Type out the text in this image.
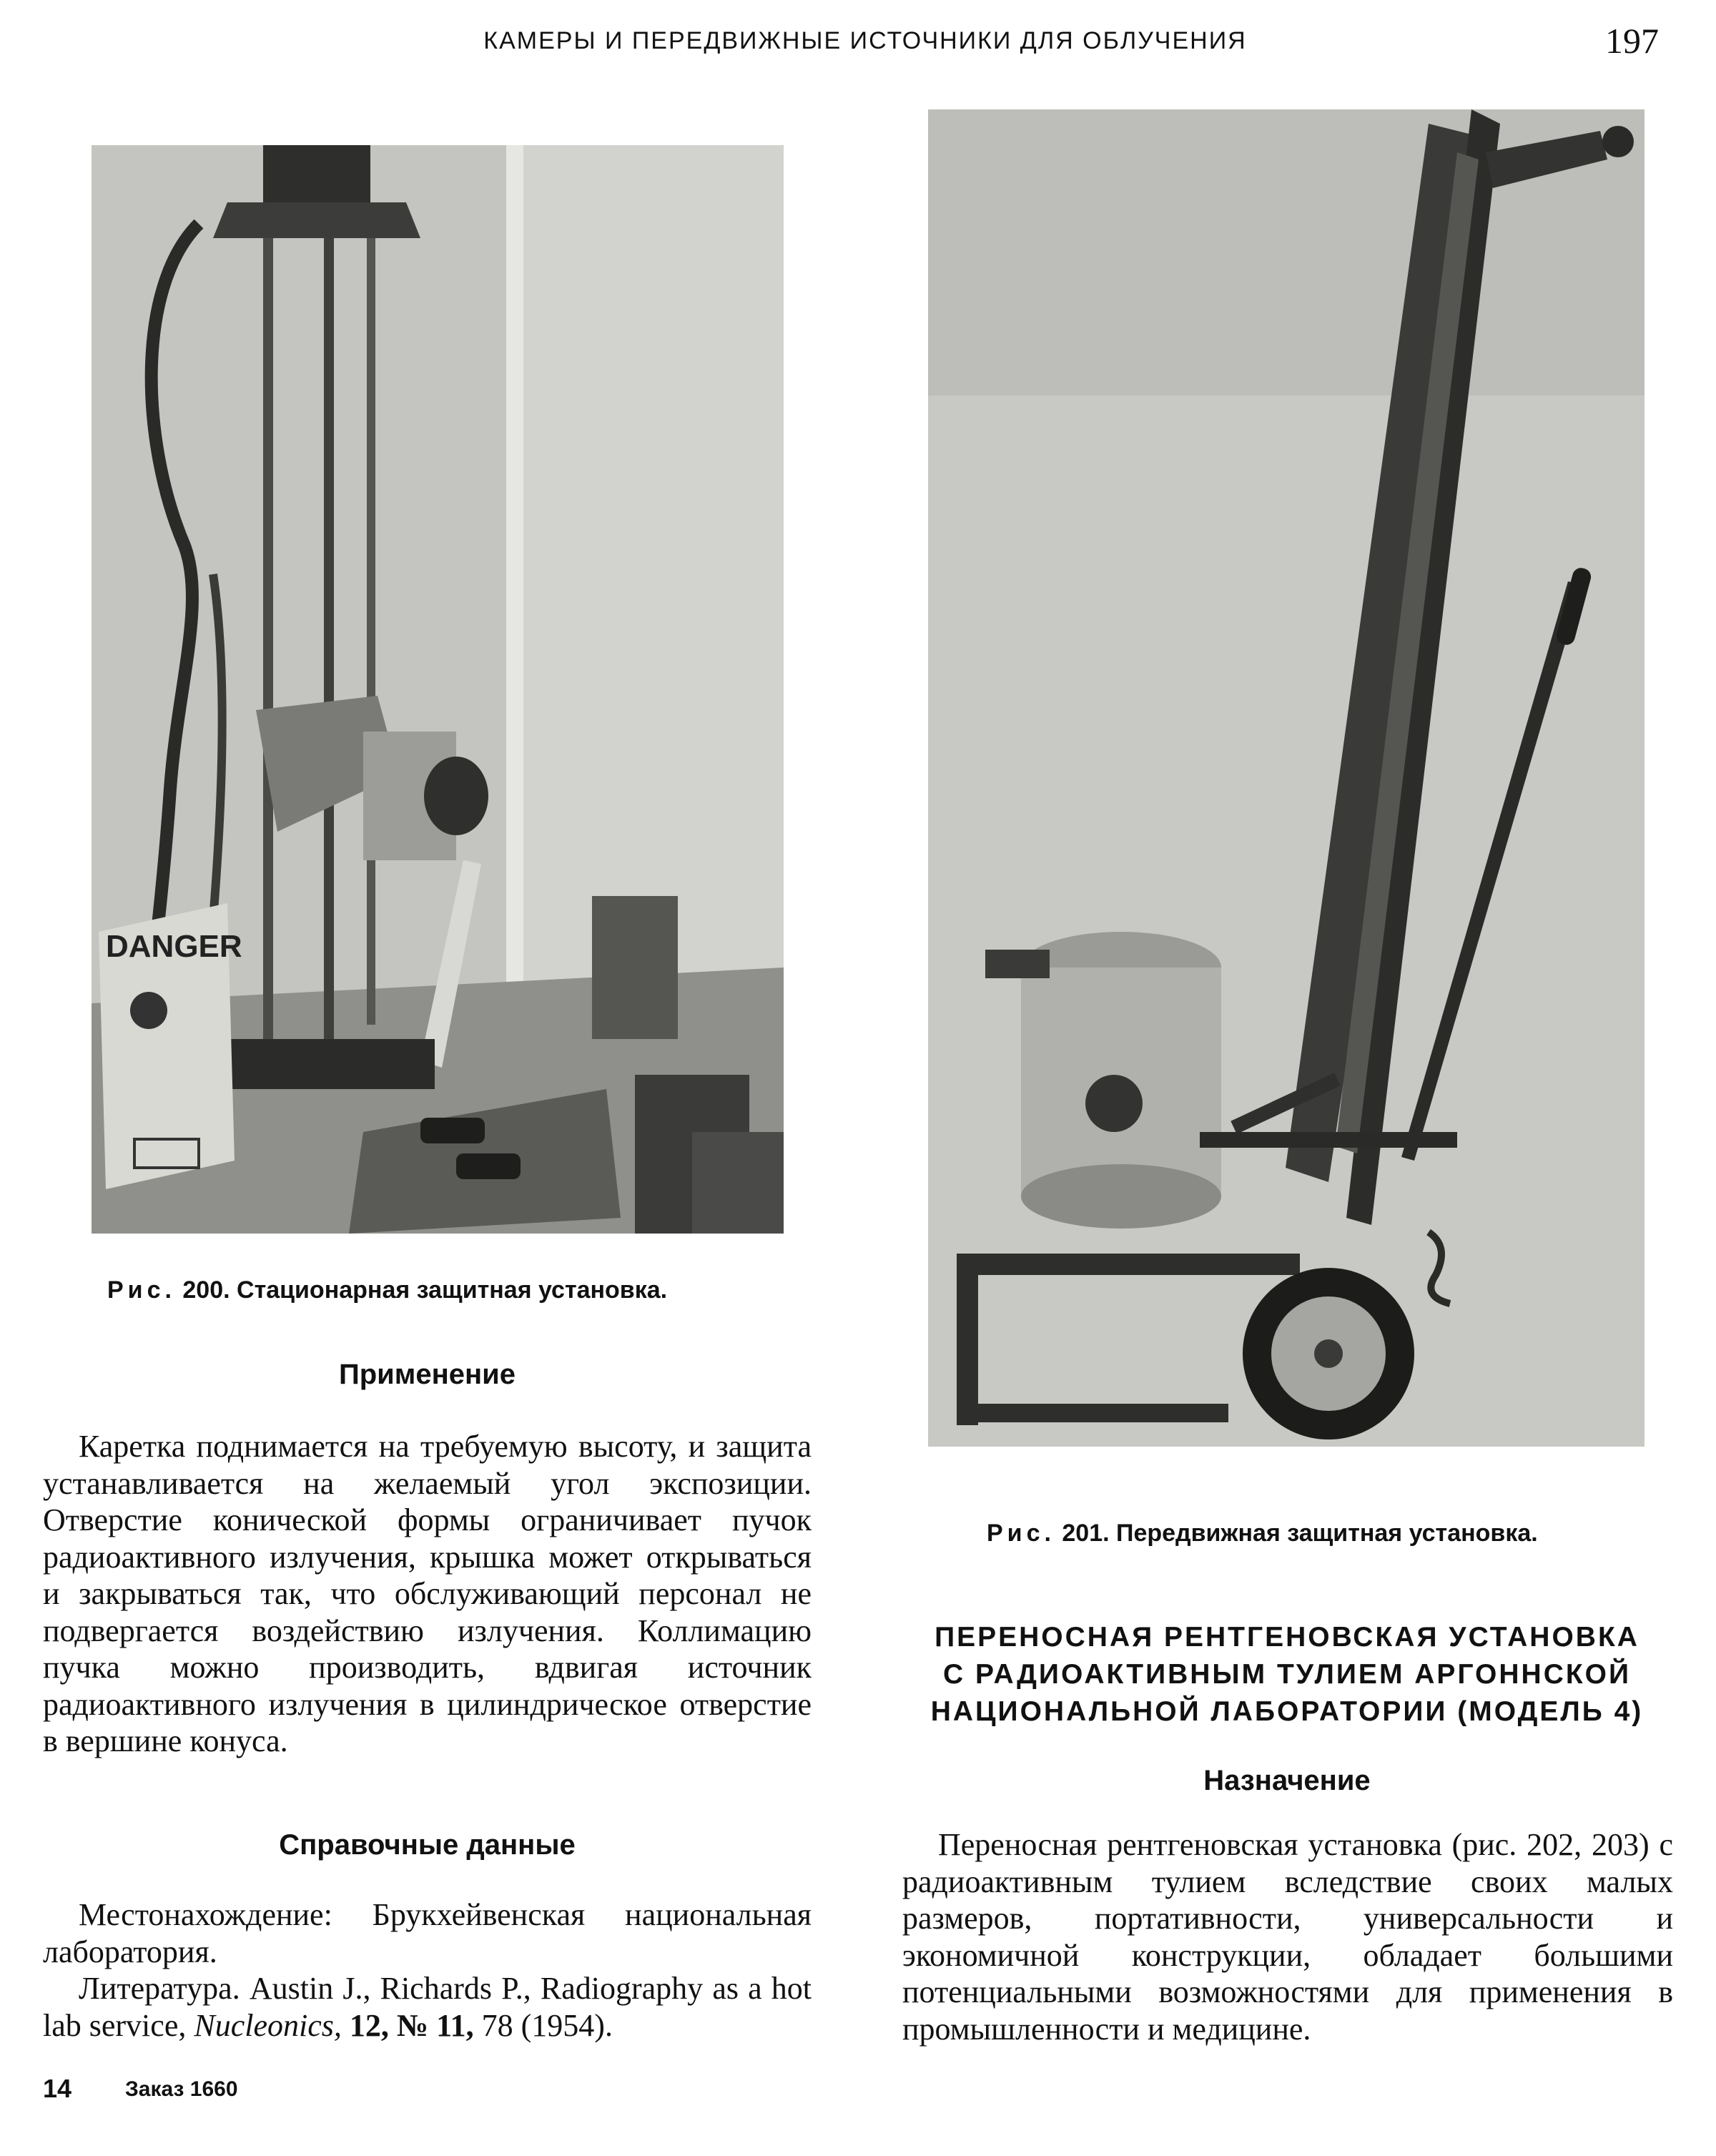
КАМЕРЫ И ПЕРЕДВИЖНЫЕ ИСТОЧНИКИ ДЛЯ ОБЛУЧЕНИЯ	197
DANGER
Рис. 200. Стационарная защитная установка.
Рис. 201. Передвижная защитная установка.
Применение

Каретка поднимается на требуемую высоту, и защита устанавливается на желаемый угол экспозиции. Отверстие конической формы ограничивает пучок радиоактивного излучения, крышка может открываться и закрываться так, что обслуживающий персонал не подвергается воздействию излучения. Коллимацию пучка можно производить, вдвигая источник радиоактивного излучения в цилиндрическое отверстие в вершине конуса.

Справочные данные

Местонахождение: Брукхейвенская национальная лаборатория.

Литература. Austin J., Richards P., Radiography as a hot lab service, Nucleonics, 12, № 11, 78 (1954).

ПЕРЕНОСНАЯ РЕНТГЕНОВСКАЯ УСТАНОВКА
С РАДИОАКТИВНЫМ ТУЛИЕМ АРГОННСКОЙ
НАЦИОНАЛЬНОЙ ЛАБОРАТОРИИ (МОДЕЛЬ 4)
Назначение

Переносная рентгеновская установка (рис. 202, 203) с радиоактивным тулием вследствие своих малых размеров, портативности, универсальности и экономичной конструкции, обладает большими потенциальными возможностями для применения в промышленности и медицине.

14 Заказ 1660
